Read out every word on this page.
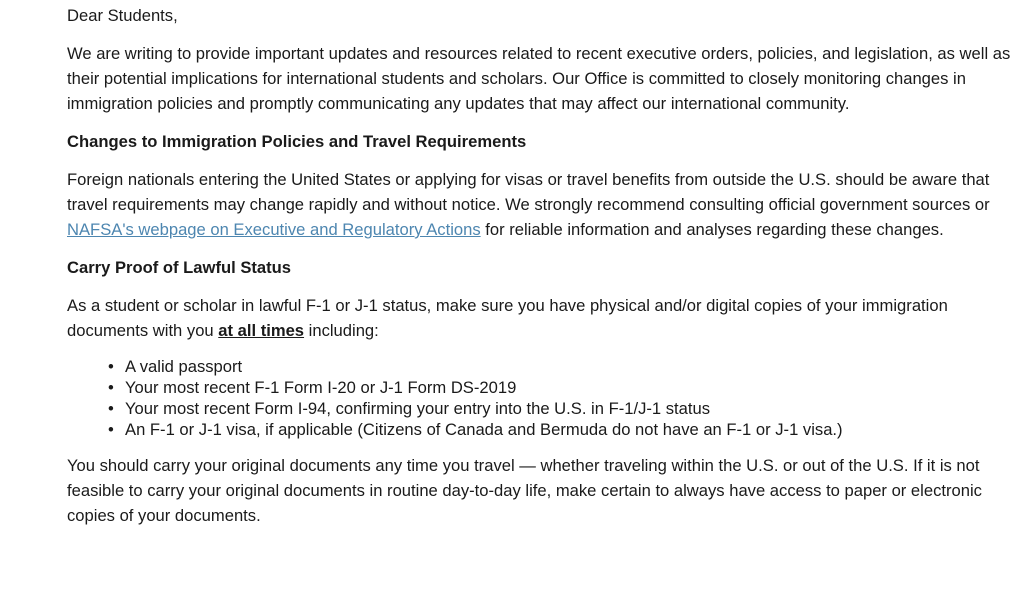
Dear Students,

We are writing to provide important updates and resources related to recent executive orders, policies, and legislation, as well as their potential implications for international students and scholars. Our Office is committed to closely monitoring changes in immigration policies and promptly communicating any updates that may affect our international community.

Changes to Immigration Policies and Travel Requirements

Foreign nationals entering the United States or applying for visas or travel benefits from outside the U.S. should be aware that travel requirements may change rapidly and without notice. We strongly recommend consulting official government sources or NAFSA's webpage on Executive and Regulatory Actions for reliable information and analyses regarding these changes.

Carry Proof of Lawful Status

As a student or scholar in lawful F-1 or J-1 status, make sure you have physical and/or digital copies of your immigration documents with you at all times including:

• A valid passport
• Your most recent F-1 Form I-20 or J-1 Form DS-2019
• Your most recent Form I-94, confirming your entry into the U.S. in F-1/J-1 status
• An F-1 or J-1 visa, if applicable (Citizens of Canada and Bermuda do not have an F-1 or J-1 visa.)

You should carry your original documents any time you travel — whether traveling within the U.S. or out of the U.S. If it is not feasible to carry your original documents in routine day-to-day life, make certain to always have access to paper or electronic copies of your documents.
